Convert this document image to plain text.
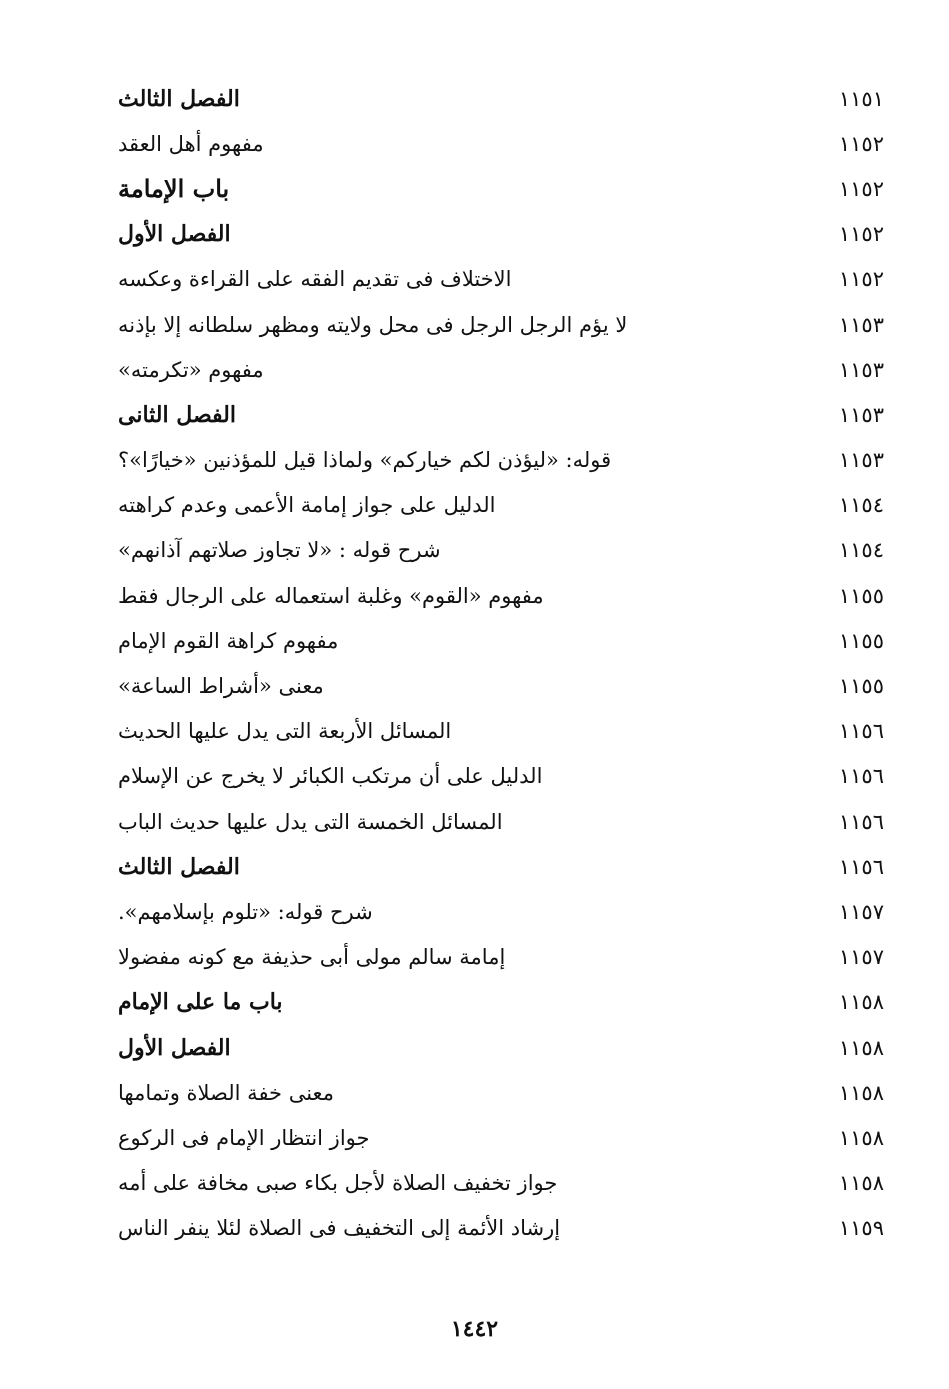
الفصل الثالث	١١٥١
مفهوم أهل العقد	١١٥٢
باب الإمامة	١١٥٢
الفصل الأول	١١٥٢
الاختلاف فى تقديم الفقه على القراءة وعكسه	١١٥٢
لا يؤم الرجل الرجل فى محل ولايته ومظهر سلطانه إلا بإذنه	١١٥٣
مفهوم «تكرمته»	١١٥٣
الفصل الثانى	١١٥٣
قوله: «ليؤذن لكم خياركم» ولماذا قيل للمؤذنين «خيارًا»؟	١١٥٣
الدليل على جواز إمامة الأعمى وعدم كراهته	١١٥٤
شرح قوله : «لا تجاوز صلاتهم آذانهم»	١١٥٤
مفهوم «القوم» وغلبة استعماله على الرجال فقط	١١٥٥
مفهوم كراهة القوم الإمام	١١٥٥
معنى «أشراط الساعة»	١١٥٥
المسائل الأربعة التى يدل عليها الحديث	١١٥٦
الدليل على أن مرتكب الكبائر لا يخرج عن الإسلام	١١٥٦
المسائل الخمسة التى يدل عليها حديث الباب	١١٥٦
الفصل الثالث	١١٥٦
شرح قوله: «تلوم بإسلامهم».	١١٥٧
إمامة سالم مولى أبى حذيفة مع كونه مفضولا	١١٥٧
باب ما على الإمام	١١٥٨
الفصل الأول	١١٥٨
معنى خفة الصلاة وتمامها	١١٥٨
جواز انتظار الإمام فى الركوع	١١٥٨
جواز تخفيف الصلاة لأجل بكاء صبى مخافة على أمه	١١٥٨
إرشاد الأئمة إلى التخفيف فى الصلاة لئلا ينفر الناس	١١٥٩
١٤٤٢
